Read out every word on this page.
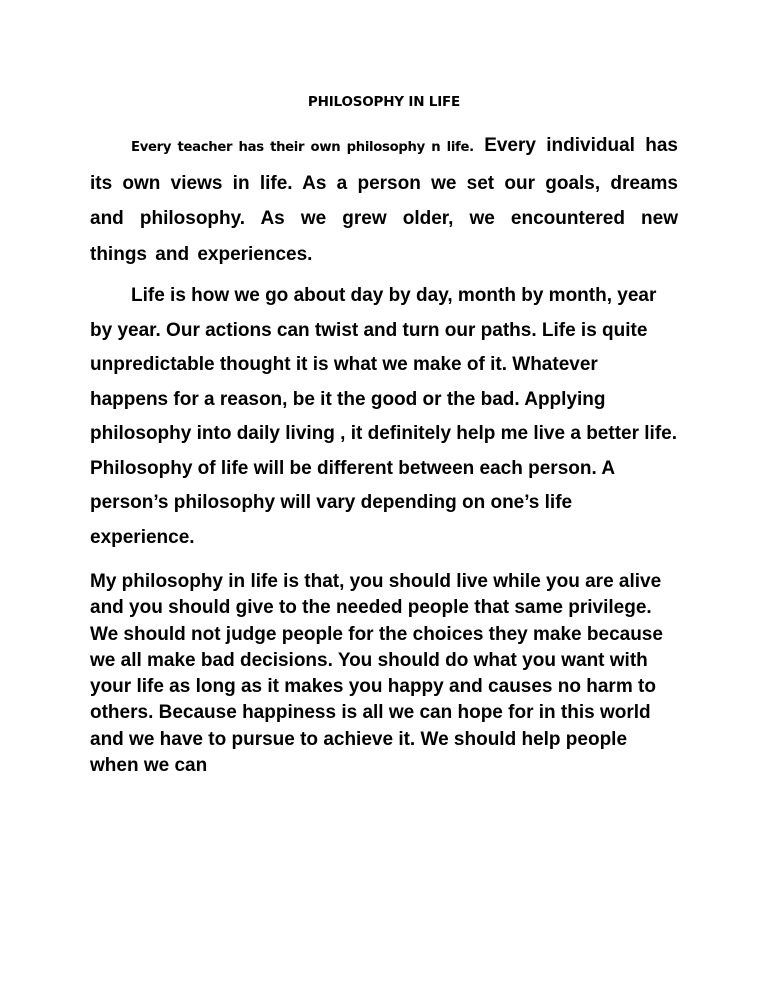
PHILOSOPHY IN LIFE

Every teacher has their own philosophy n life. Every individual has its own views in life. As a person we set our goals, dreams and philosophy. As we grew older, we encountered new things and experiences.

Life is how we go about day by day, month by month, year by year. Our actions can twist and turn our paths. Life is quite unpredictable thought it is what we make of it. Whatever happens for a reason, be it the good or the bad. Applying philosophy into daily living , it definitely help me live a better life. Philosophy of life will be different between each person. A person’s philosophy will vary depending on one’s life experience.

My philosophy in life is that, you should live while you are alive and you should give to the needed people that same privilege. We should not judge people for the choices they make because we all make bad decisions. You should do what you want with your life as long as it makes you happy and causes no harm to others. Because happiness is all we can hope for in this world and we have to pursue to achieve it. We should help people when we can
